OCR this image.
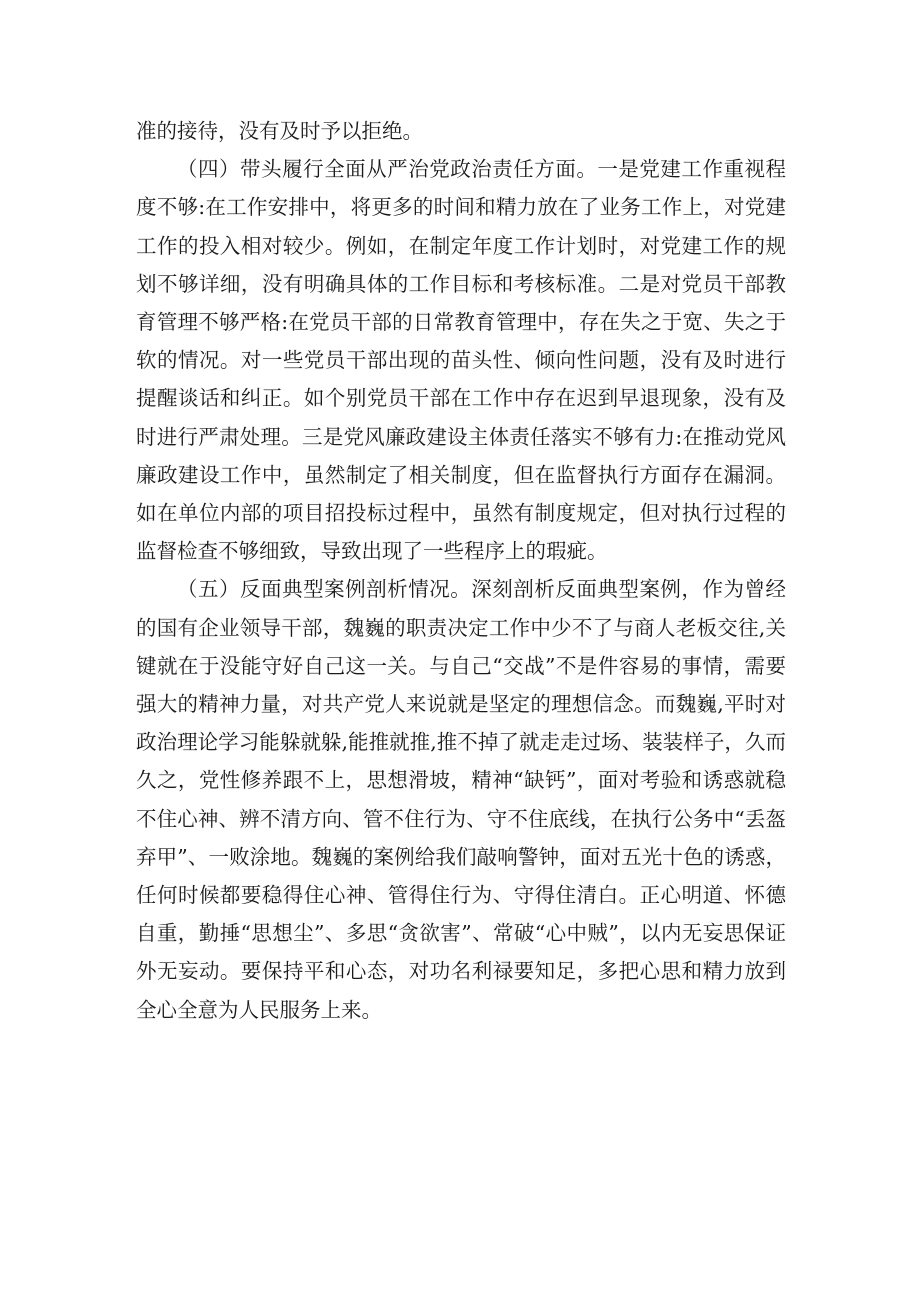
准的接待，没有及时予以拒绝。

（四）带头履行全面从严治党政治责任方面。一是党建工作重视程度不够:在工作安排中，将更多的时间和精力放在了业务工作上，对党建工作的投入相对较少。例如，在制定年度工作计划时，对党建工作的规划不够详细，没有明确具体的工作目标和考核标准。二是对党员干部教育管理不够严格:在党员干部的日常教育管理中，存在失之于宽、失之于软的情况。对一些党员干部出现的苗头性、倾向性问题，没有及时进行提醒谈话和纠正。如个别党员干部在工作中存在迟到早退现象，没有及时进行严肃处理。三是党风廉政建设主体责任落实不够有力:在推动党风廉政建设工作中，虽然制定了相关制度，但在监督执行方面存在漏洞。如在单位内部的项目招投标过程中，虽然有制度规定，但对执行过程的监督检查不够细致，导致出现了一些程序上的瑕疵。

（五）反面典型案例剖析情况。深刻剖析反面典型案例，作为曾经的国有企业领导干部，魏巍的职责决定工作中少不了与商人老板交往,关键就在于没能守好自己这一关。与自己“交战”不是件容易的事情，需要强大的精神力量，对共产党人来说就是坚定的理想信念。而魏巍,平时对政治理论学习能躲就躲,能推就推,推不掉了就走走过场、装装样子，久而久之，党性修养跟不上，思想滑坡，精神“缺钙”，面对考验和诱惑就稳不住心神、辨不清方向、管不住行为、守不住底线，在执行公务中“丢盔弃甲”、一败涂地。魏巍的案例给我们敲响警钟，面对五光十色的诱惑，任何时候都要稳得住心神、管得住行为、守得住清白。正心明道、怀德自重，勤捶“思想尘”、多思“贪欲害”、常破“心中贼”，以内无妄思保证外无妄动。要保持平和心态，对功名利禄要知足，多把心思和精力放到全心全意为人民服务上来。
